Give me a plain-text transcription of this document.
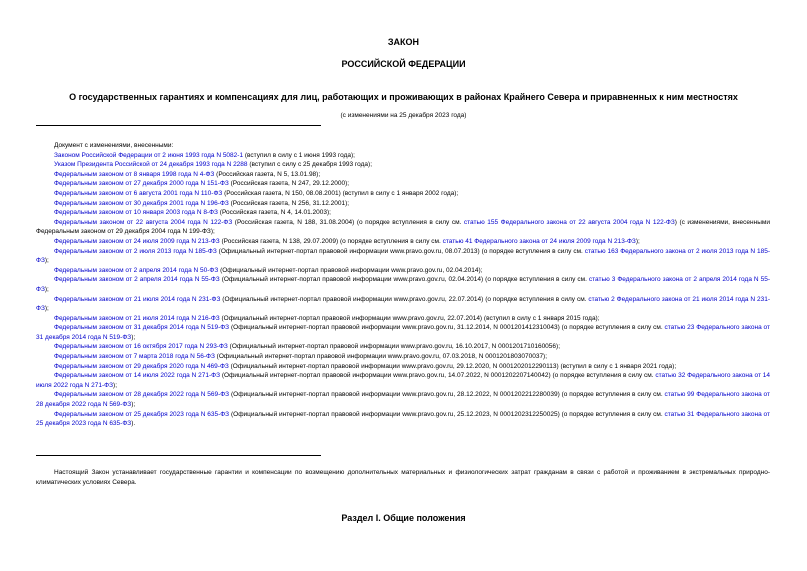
ЗАКОН
РОССИЙСКОЙ ФЕДЕРАЦИИ
О государственных гарантиях и компенсациях для лиц, работающих и проживающих в районах Крайнего Севера и приравненных к ним местностях
(с изменениями на 25 декабря 2023 года)
Документ с изменениями, внесенными:
Законом Российской Федерации от 2 июня 1993 года N 5082-1 (вступил в силу с 1 июня 1993 года);
Указом Президента Российской от 24 декабря 1993 года N 2288 (вступил с силу с 25 декабря 1993 года);
Федеральным законом от 8 января 1998 года N 4-ФЗ (Российская газета, N 5, 13.01.98);
Федеральным законом от 27 декабря 2000 года N 151-ФЗ (Российская газета, N 247, 29.12.2000);
Федеральным законом от 6 августа 2001 года N 110-ФЗ (Российская газета, N 150, 08.08.2001) (вступил в силу с 1 января 2002 года);
Федеральным законом от 30 декабря 2001 года N 196-ФЗ (Российская газета, N 256, 31.12.2001);
Федеральным законом от 10 января 2003 года N 8-ФЗ (Российская газета, N 4, 14.01.2003);
Федеральным законом от 22 августа 2004 года N 122-ФЗ (Российская газета, N 188, 31.08.2004) (о порядке вступления в силу см. статью 155 Федерального закона от 22 августа 2004 года N 122-ФЗ) (с изменениями, внесенными Федеральным законом от 29 декабря 2004 года N 199-ФЗ);
Федеральным законом от 24 июля 2009 года N 213-ФЗ (Российская газета, N 138, 29.07.2009) (о порядке вступления в силу см. статью 41 Федерального закона от 24 июля 2009 года N 213-ФЗ);
Федеральным законом от 2 июля 2013 года N 185-ФЗ (Официальный интернет-портал правовой информации www.pravo.gov.ru, 08.07.2013) (о порядке вступления в силу см. статью 163 Федерального закона от 2 июля 2013 года N 185-ФЗ);
Федеральным законом от 2 апреля 2014 года N 50-ФЗ (Официальный интернет-портал правовой информации www.pravo.gov.ru, 02.04.2014);
Федеральным законом от 2 апреля 2014 года N 55-ФЗ (Официальный интернет-портал правовой информации www.pravo.gov.ru, 02.04.2014) (о порядке вступления в силу см. статью 3 Федерального закона от 2 апреля 2014 года N 55-ФЗ);
Федеральным законом от 21 июля 2014 года N 231-ФЗ (Официальный интернет-портал правовой информации www.pravo.gov.ru, 22.07.2014) (о порядке вступления в силу см. статью 2 Федерального закона от 21 июля 2014 года N 231-ФЗ);
Федеральным законом от 21 июля 2014 года N 216-ФЗ (Официальный интернет-портал правовой информации www.pravo.gov.ru, 22.07.2014) (вступил в силу с 1 января 2015 года);
Федеральным законом от 31 декабря 2014 года N 519-ФЗ (Официальный интернет-портал правовой информации www.pravo.gov.ru, 31.12.2014, N 0001201412310043) (о порядке вступления в силу см. статью 23 Федерального закона от 31 декабря 2014 года N 519-ФЗ);
Федеральным законом от 16 октября 2017 года N 293-ФЗ (Официальный интернет-портал правовой информации www.pravo.gov.ru, 16.10.2017, N 0001201710160056);
Федеральным законом от 7 марта 2018 года N 56-ФЗ (Официальный интернет-портал правовой информации www.pravo.gov.ru, 07.03.2018, N 0001201803070037);
Федеральным законом от 29 декабря 2020 года N 469-ФЗ (Официальный интернет-портал правовой информации www.pravo.gov.ru, 29.12.2020, N 0001202012290113) (вступил в силу с 1 января 2021 года);
Федеральным законом от 14 июля 2022 года N 271-ФЗ (Официальный интернет-портал правовой информации www.pravo.gov.ru, 14.07.2022, N 0001202207140042) (о порядке вступления в силу см. статью 32 Федерального закона от 14 июля 2022 года N 271-ФЗ);
Федеральным законом от 28 декабря 2022 года N 569-ФЗ (Официальный интернет-портал правовой информации www.pravo.gov.ru, 28.12.2022, N 0001202212280039) (о порядке вступления в силу см. статью 99 Федерального закона от 28 декабря 2022 года N 569-ФЗ);
Федеральным законом от 25 декабря 2023 года N 635-ФЗ (Официальный интернет-портал правовой информации www.pravo.gov.ru, 25.12.2023, N 0001202312250025) (о порядке вступления в силу см. статью 31 Федерального закона от 25 декабря 2023 года N 635-ФЗ).
Настоящий Закон устанавливает государственные гарантии и компенсации по возмещению дополнительных материальных и физиологических затрат гражданам в связи с работой и проживанием в экстремальных природно-климатических условиях Севера.
Раздел I. Общие положения
